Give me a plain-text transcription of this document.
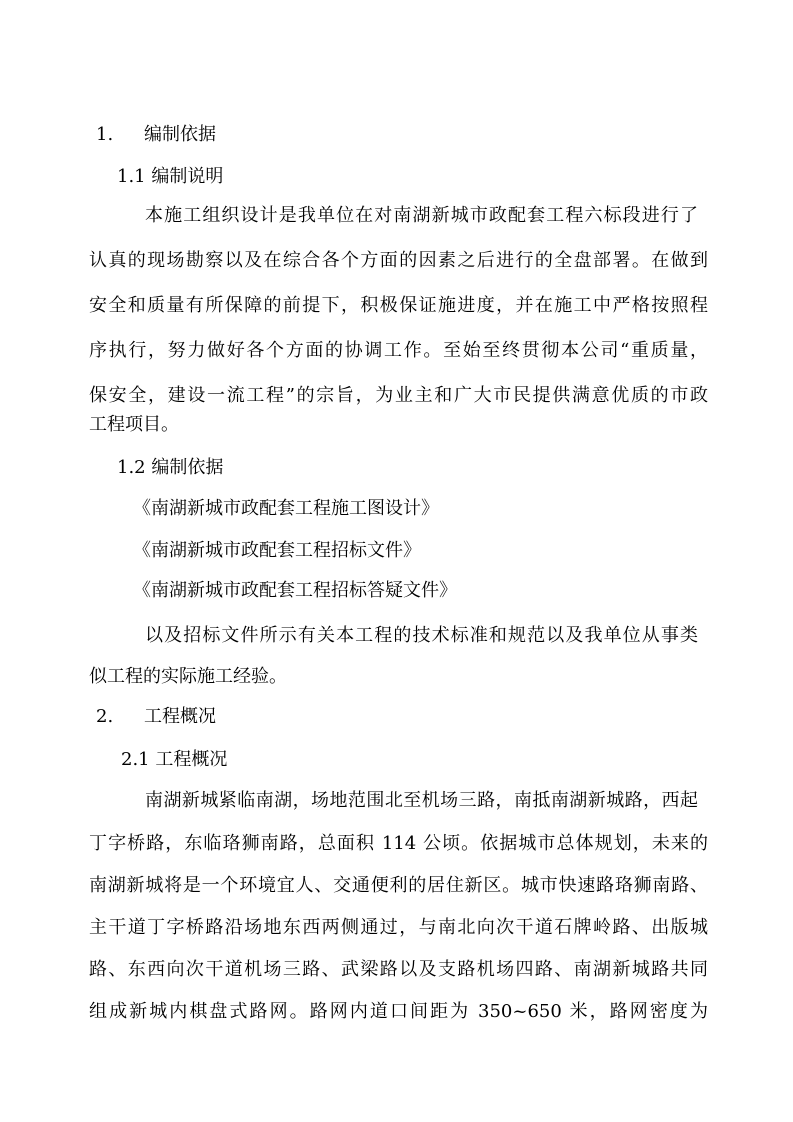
1. 编制依据
1.1 编制说明
本施工组织设计是我单位在对南湖新城市政配套工程六标段进行了
认真的现场勘察以及在综合各个方面的因素之后进行的全盘部署。在做到
安全和质量有所保障的前提下，积极保证施进度，并在施工中严格按照程
序执行，努力做好各个方面的协调工作。至始至终贯彻本公司“重质量，
保安全，建设一流工程”的宗旨，为业主和广大市民提供满意优质的市政
工程项目。
1.2 编制依据
《南湖新城市政配套工程施工图设计》
《南湖新城市政配套工程招标文件》
《南湖新城市政配套工程招标答疑文件》
以及招标文件所示有关本工程的技术标准和规范以及我单位从事类
似工程的实际施工经验。
2. 工程概况
2.1 工程概况
南湖新城紧临南湖，场地范围北至机场三路，南抵南湖新城路，西起
丁字桥路，东临珞狮南路，总面积 114 公顷。依据城市总体规划，未来的
南湖新城将是一个环境宜人、交通便利的居住新区。城市快速路珞狮南路、
主干道丁字桥路沿场地东西两侧通过，与南北向次干道石牌岭路、出版城
路、东西向次干道机场三路、武梁路以及支路机场四路、南湖新城路共同
组成新城内棋盘式路网。路网内道口间距为 350~650 米，路网密度为
